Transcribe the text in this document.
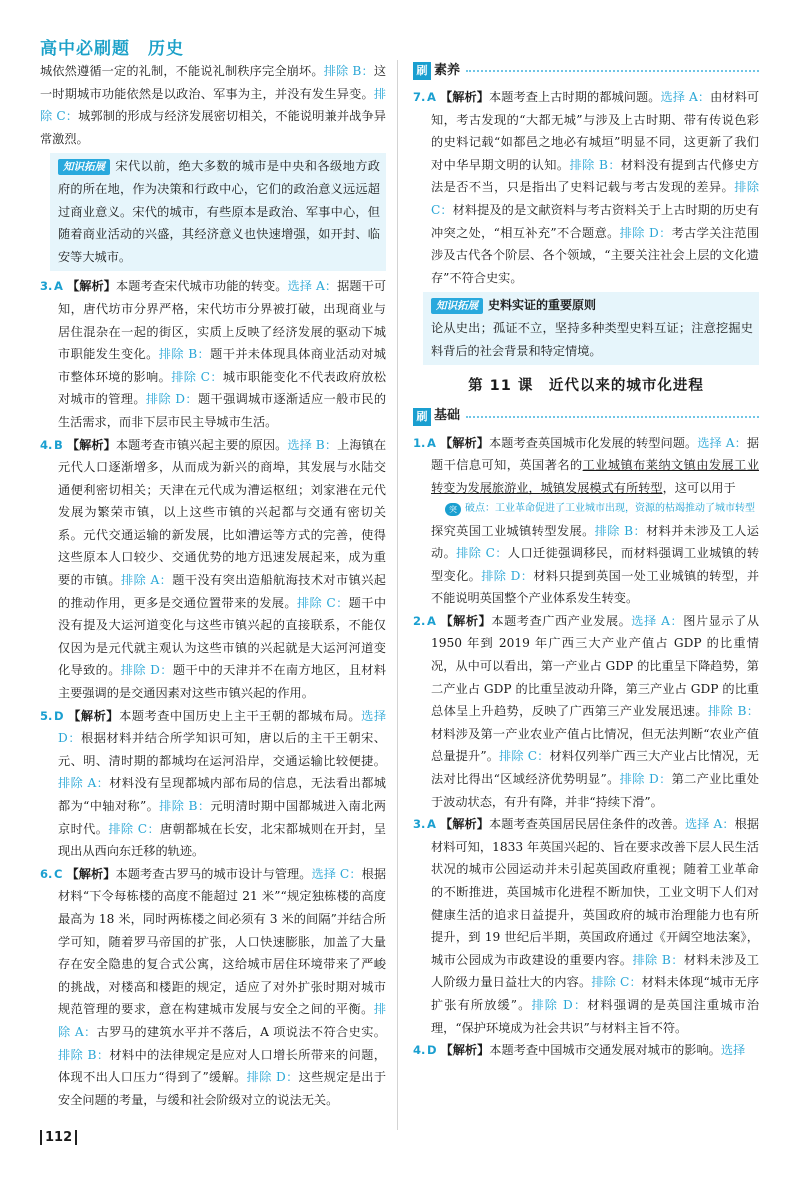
高中必刷题　历史

城依然遵循一定的礼制，不能说礼制秩序完全崩坏。排除 B：这一时期城市功能依然是以政治、军事为主，并没有发生异变。排除 C：城郭制的形成与经济发展密切相关，不能说明兼并战争异常激烈。

知识拓展 宋代以前，绝大多数的城市是中央和各级地方政府的所在地，作为决策和行政中心，它们的政治意义远远超过商业意义。宋代的城市，有些原本是政治、军事中心，但随着商业活动的兴盛，其经济意义也快速增强，如开封、临安等大城市。

3. A 【解析】本题考查宋代城市功能的转变。选择 A：据题干可知，唐代坊市分界严格，宋代坊市分界被打破，出现商业与居住混杂在一起的街区，实质上反映了经济发展的驱动下城市职能发生变化。排除 B：题干并未体现具体商业活动对城市整体环境的影响。排除 C：城市职能变化不代表政府放松对城市的管理。排除 D：题干强调城市逐渐适应一般市民的生活需求，而非下层市民主导城市生活。

4. B 【解析】本题考查市镇兴起主要的原因。选择 B：上海镇在元代人口逐渐增多，从而成为新兴的商埠，其发展与水陆交通便利密切相关；天津在元代成为漕运枢纽；刘家港在元代发展为繁荣市镇，以上这些市镇的兴起都与交通有密切关系。元代交通运输的新发展，比如漕运等方式的完善，使得这些原本人口较少、交通优势的地方迅速发展起来，成为重要的市镇。排除 A：题干没有突出造船航海技术对市镇兴起的推动作用，更多是交通位置带来的发展。排除 C：题干中没有提及大运河道变化与这些市镇兴起的直接联系，不能仅仅因为是元代就主观认为这些市镇的兴起就是大运河河道变化导致的。排除 D：题干中的天津并不在南方地区，且材料主要强调的是交通因素对这些市镇兴起的作用。

5. D 【解析】本题考查中国历史上主干王朝的都城布局。选择 D：根据材料并结合所学知识可知，唐以后的主干王朝宋、元、明、清时期的都城均在运河沿岸，交通运输比较便捷。排除 A：材料没有呈现都城内部布局的信息，无法看出都城都为“中轴对称”。排除 B：元明清时期中国都城进入南北两京时代。排除 C：唐朝都城在长安，北宋都城则在开封，呈现出从西向东迁移的轨迹。

6. C 【解析】本题考查古罗马的城市设计与管理。选择 C：根据材料“下令每栋楼的高度不能超过 21 米”“规定独栋楼的高度最高为 18 米，同时两栋楼之间必须有 3 米的间隔”并结合所学可知，随着罗马帝国的扩张，人口快速膨胀，加盖了大量存在安全隐患的复合式公寓，这给城市居住环境带来了严峻的挑战，对楼高和楼距的规定，适应了对外扩张时期对城市规范管理的要求，意在构建城市发展与安全之间的平衡。排除 A：古罗马的建筑水平并不落后，A 项说法不符合史实。排除 B：材料中的法律规定是应对人口增长所带来的问题，体现不出人口压力“得到了”缓解。排除 D：这些规定是出于安全问题的考量，与缓和社会阶级对立的说法无关。

刷 素养

7. A 【解析】本题考查上古时期的都城问题。选择 A：由材料可知，考古发现的“大都无城”与涉及上古时期、带有传说色彩的史料记载“如都邑之地必有城垣”明显不同，这更新了我们对中华早期文明的认知。排除 B：材料没有提到古代修史方法是否不当，只是指出了史料记载与考古发现的差异。排除 C：材料提及的是文献资料与考古资料关于上古时期的历史有冲突之处，“相互补充”不合题意。排除 D：考古学关注范围涉及古代各个阶层、各个领域，“主要关注社会上层的文化遗存”不符合史实。

知识拓展 史料实证的重要原则
论从史出；孤证不立，坚持多种类型史料互证；注意挖掘史料背后的社会背景和特定情境。
第 11 课　近代以来的城市化进程
刷 基础

1. A 【解析】本题考查英国城市化发展的转型问题。选择 A：据题干信息可知，英国著名的工业城镇布莱纳文镇由发展工业转变为发展旅游业，城镇发展模式有所转型，这可以用于

突 破点：工业革命促进了工业城市出现，资源的枯竭推动了城市转型

探究英国工业城镇转型发展。排除 B：材料并未涉及工人运动。排除 C：人口迁徙强调移民，而材料强调工业城镇的转型变化。排除 D：材料只提到英国一处工业城镇的转型，并不能说明英国整个产业体系发生转变。

2. A 【解析】本题考查广西产业发展。选择 A：图片显示了从 1950 年到 2019 年广西三大产业产值占 GDP 的比重情况，从中可以看出，第一产业占 GDP 的比重呈下降趋势，第二产业占 GDP 的比重呈波动升降，第三产业占 GDP 的比重总体呈上升趋势，反映了广西第三产业发展迅速。排除 B：材料涉及第一产业农业产值占比情况，但无法判断“农业产值总量提升”。排除 C：材料仅列举广西三大产业占比情况，无法对比得出“区域经济优势明显”。排除 D：第二产业比重处于波动状态，有升有降，并非“持续下滑”。

3. A 【解析】本题考查英国居民居住条件的改善。选择 A：根据材料可知，1833 年英国兴起的、旨在要求改善下层人民生活状况的城市公园运动并未引起英国政府重视；随着工业革命的不断推进，英国城市化进程不断加快，工业文明下人们对健康生活的追求日益提升，英国政府的城市治理能力也有所提升，到 19 世纪后半期，英国政府通过《开阔空地法案》，城市公园成为市政建设的重要内容。排除 B：材料未涉及工人阶级力量日益壮大的内容。排除 C：材料未体现“城市无序扩张有所放缓”。排除 D：材料强调的是英国注重城市治理，“保护环境成为社会共识”与材料主旨不符。

4. D 【解析】本题考查中国城市交通发展对城市的影响。选择

112
